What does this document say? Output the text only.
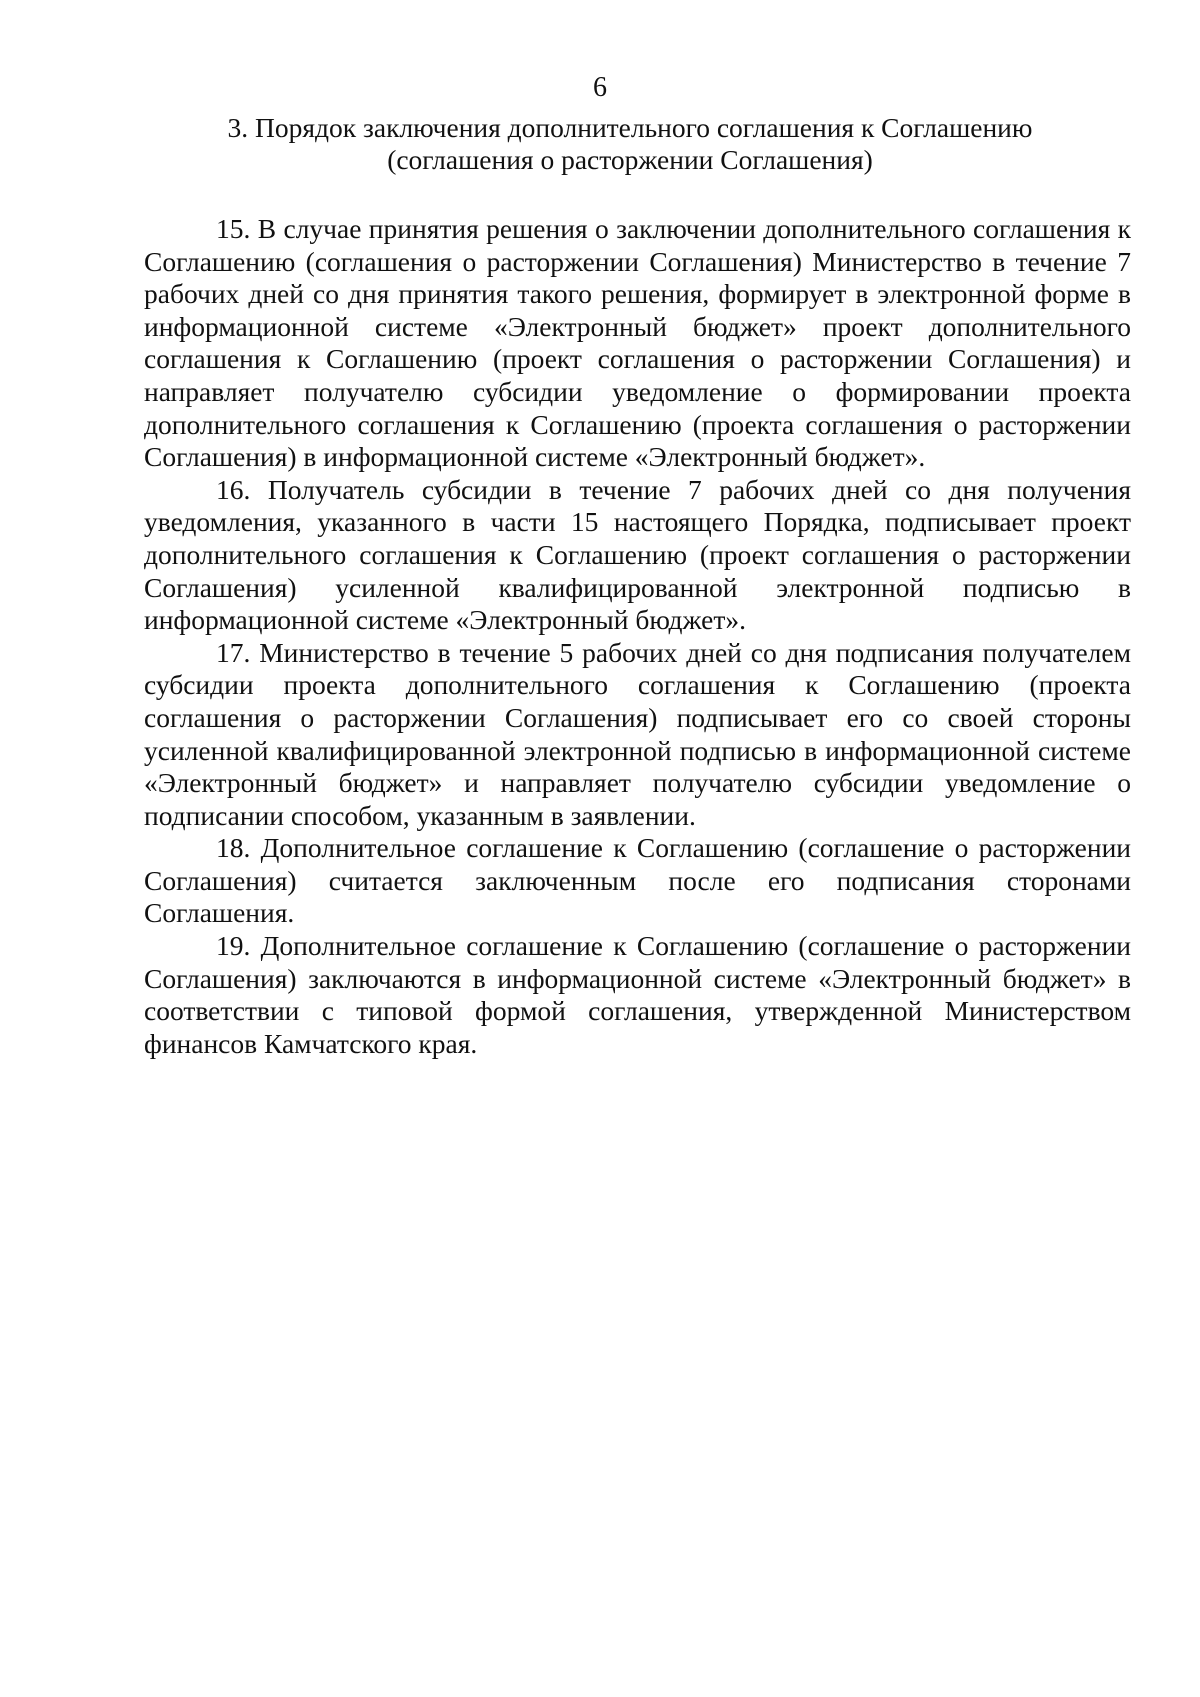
6

3. Порядок заключения дополнительного соглашения к Соглашению
(соглашения о расторжении Соглашения)

15. В случае принятия решения о заключении дополнительного соглашения к Соглашению (соглашения о расторжении Соглашения) Министерство в течение 7 рабочих дней со дня принятия такого решения, формирует в электронной форме в информационной системе «Электронный бюджет» проект дополнительного соглашения к Соглашению (проект соглашения о расторжении Соглашения) и направляет получателю субсидии уведомление о формировании проекта дополнительного соглашения к Соглашению (проекта соглашения о расторжении Соглашения) в информационной системе «Электронный бюджет».

16. Получатель субсидии в течение 7 рабочих дней со дня получения уведомления, указанного в части 15 настоящего Порядка, подписывает проект дополнительного соглашения к Соглашению (проект соглашения о расторжении Соглашения) усиленной квалифицированной электронной подписью в информационной системе «Электронный бюджет».

17. Министерство в течение 5 рабочих дней со дня подписания получателем субсидии проекта дополнительного соглашения к Соглашению (проекта соглашения о расторжении Соглашения) подписывает его со своей стороны усиленной квалифицированной электронной подписью в информационной системе «Электронный бюджет» и направляет получателю субсидии уведомление о подписании способом, указанным в заявлении.

18. Дополнительное соглашение к Соглашению (соглашение о расторжении Соглашения) считается заключенным после его подписания сторонами Соглашения.

19. Дополнительное соглашение к Соглашению (соглашение о расторжении Соглашения) заключаются в информационной системе «Электронный бюджет» в соответствии с типовой формой соглашения, утвержденной Министерством финансов Камчатского края.
